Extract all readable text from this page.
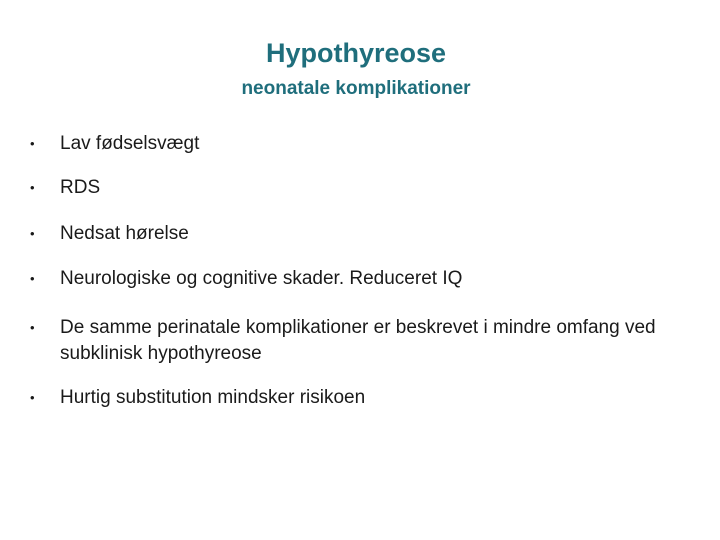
Hypothyreose
neonatale komplikationer
•	Lav fødselsvægt
•	RDS
•	Nedsat hørelse
•	Neurologiske og cognitive skader. Reduceret IQ
•	De samme perinatale komplikationer er beskrevet i mindre omfang ved subklinisk hypothyreose
•	Hurtig substitution mindsker risikoen
